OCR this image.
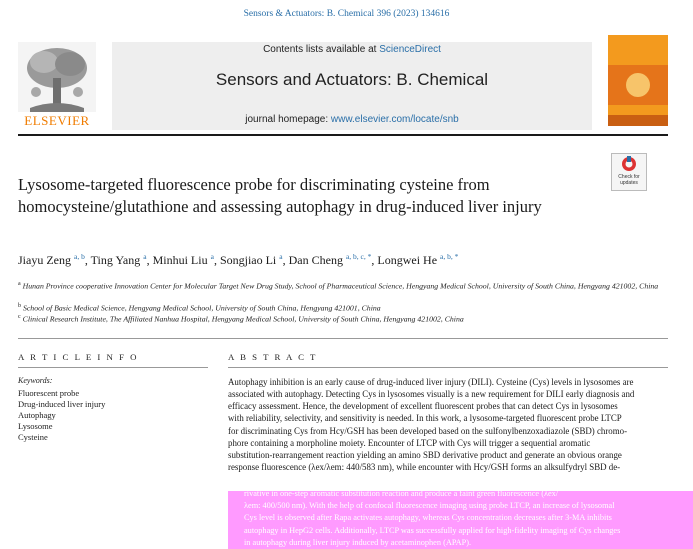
Sensors & Actuators: B. Chemical 396 (2023) 134616
Contents lists available at ScienceDirect
Sensors and Actuators: B. Chemical
journal homepage: www.elsevier.com/locate/snb
ELSEVIER
SENSORS and ACTUATORS
Check for updates
Lysosome-targeted fluorescence probe for discriminating cysteine from homocysteine/glutathione and assessing autophagy in drug-induced liver injury
Jiayu Zeng $^{a, b}$, Ting Yang $^a$, Minhui Liu $^a$, Songjiao Li $^a$, Dan Cheng $^{a, b, c, *}$, Longwei He $^{a, b, *}$
$^a$ Hunan Province cooperative Innovation Center for Molecular Target New Drug Study, School of Pharmaceutical Science, Hengyang Medical School, University of South China, Hengyang 421002, China
$^b$ School of Basic Medical Science, Hengyang Medical School, University of South China, Hengyang 421001, China
$^c$ Clinical Research Institute, The Affiliated Nanhua Hospital, Hengyang Medical School, University of South China, Hengyang 421002, China
A R T I C L E I N F O	A B S T R A C T
Keywords:
Fluorescent probe
Drug-induced liver injury
Autophagy
Lysosome
Cysteine
Autophagy inhibition is an early cause of drug-induced liver injury (DILI). Cysteine (Cys) levels in lysosomes are
associated with autophagy. Detecting Cys in lysosomes visually is a new requirement for DILI early diagnosis and
efficacy assessment. Hence, the development of excellent fluorescent probes that can detect Cys in lysosomes
with reliability, selectivity, and sensitivity is needed. In this work, a lysosome-targeted fluorescent probe LTCP
for discriminating Cys from Hcy/GSH has been developed based on the sulfonylbenzoxadiazole (SBD) chromo-
phore containing a morpholine moiety. Encounter of LTCP with Cys will trigger a sequential aromatic
substitution-rearrangement reaction yielding an amino SBD derivative product and generate an obvious orange
response fluorescence (λex/λem: 440/583 nm), while encounter with Hcy/GSH forms an alksulfydryl SBD de-
rivative in one-step aromatic substitution reaction and produce a faint green fluorescence (λex/
λem: 400/500 nm). With the help of confocal fluorescence imaging using probe LTCP, an increase of lysosomal
Cys level is observed after Rapa activates autophagy, whereas Cys concentration decreases after 3-MA inhibits
autophagy in HepG2 cells. Additionally, LTCP was successfully applied for high-fidelity imaging of Cys changes
in autophagy during liver injury induced by acetaminophen (APAP).
